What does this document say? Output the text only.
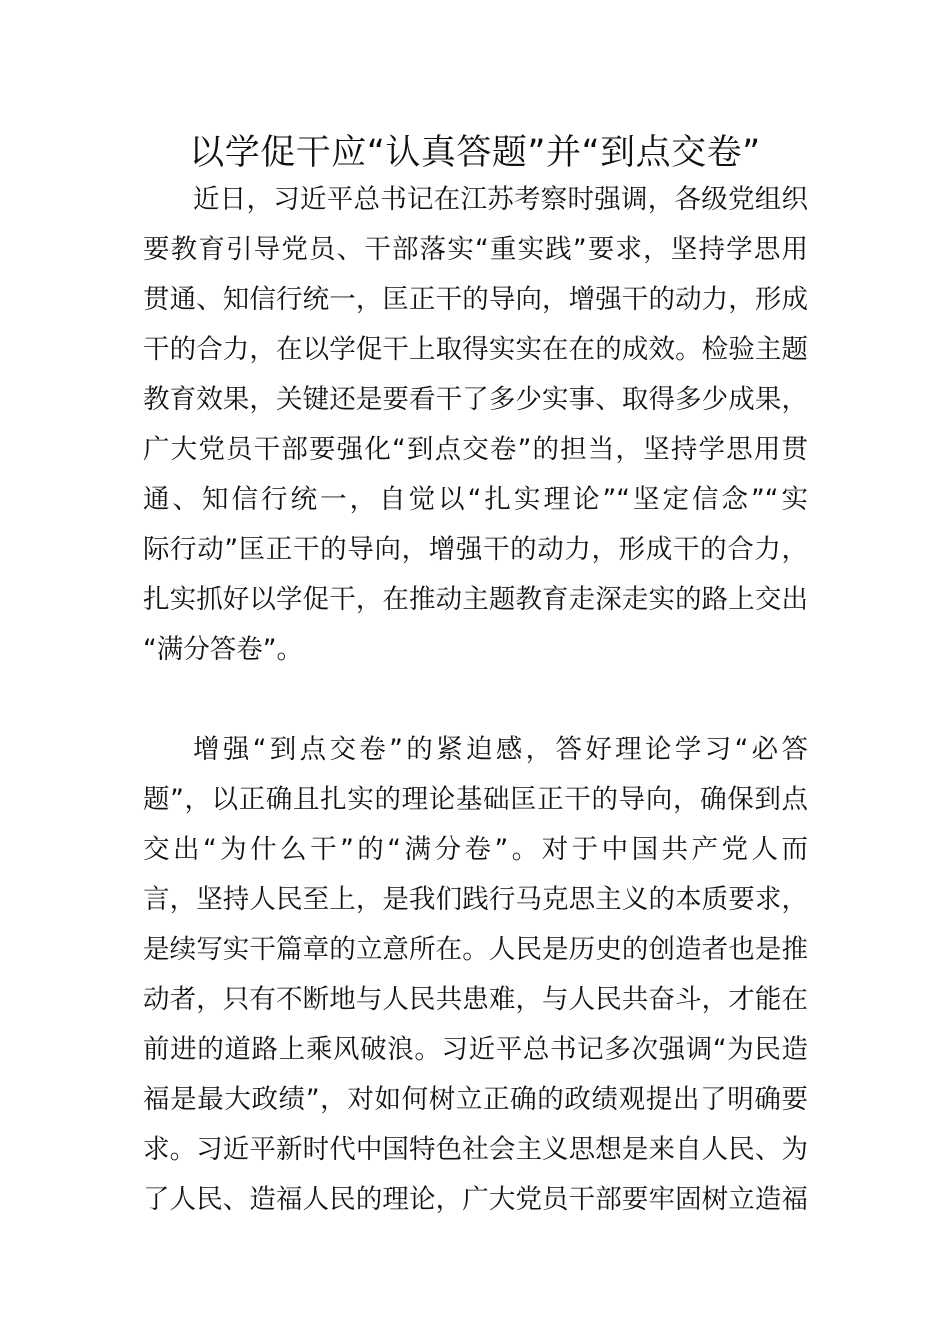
以学促干应“认真答题”并“到点交卷”
近日，习近平总书记在江苏考察时强调，各级党组织
要教育引导党员、干部落实“重实践”要求，坚持学思用
贯通、知信行统一，匡正干的导向，增强干的动力，形成
干的合力，在以学促干上取得实实在在的成效。检验主题
教育效果，关键还是要看干了多少实事、取得多少成果，
广大党员干部要强化“到点交卷”的担当，坚持学思用贯
通、知信行统一，自觉以“扎实理论”“坚定信念”“实
际行动”匡正干的导向，增强干的动力，形成干的合力，
扎实抓好以学促干，在推动主题教育走深走实的路上交出
“满分答卷”。
增强“到点交卷”的紧迫感，答好理论学习“必答
题”，以正确且扎实的理论基础匡正干的导向，确保到点
交出“为什么干”的“满分卷”。对于中国共产党人而
言，坚持人民至上，是我们践行马克思主义的本质要求，
是续写实干篇章的立意所在。人民是历史的创造者也是推
动者，只有不断地与人民共患难，与人民共奋斗，才能在
前进的道路上乘风破浪。习近平总书记多次强调“为民造
福是最大政绩”，对如何树立正确的政绩观提出了明确要
求。习近平新时代中国特色社会主义思想是来自人民、为
了人民、造福人民的理论，广大党员干部要牢固树立造福
